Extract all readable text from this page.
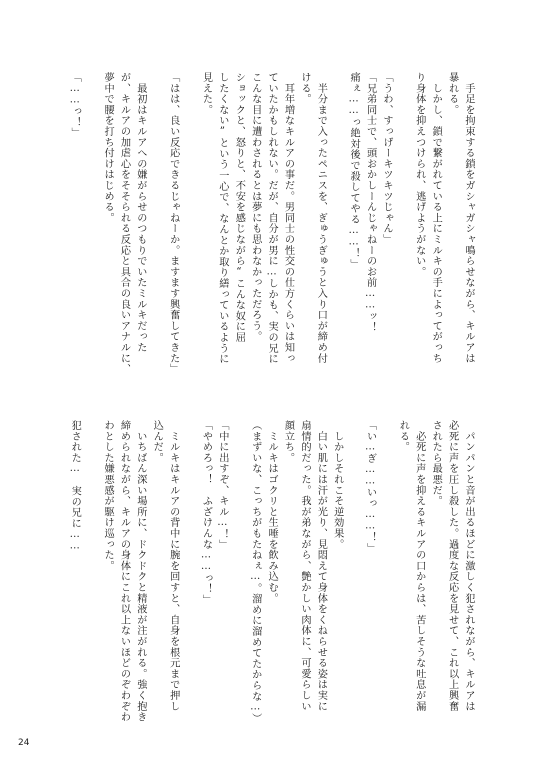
　手足を拘束する鎖をガシャガシャ鳴らせながら、キルアは
暴れる。
　しかし、鎖で繋がれている上にミルキの手によってがっち
り身体を抑えつけられ、逃げようがない。

「うわ、すっげーキツキツじゃん」
「兄弟同士で、頭おかしーんじゃねーのお前……ッ！
痛ぇ……っ絶対後で殺してやる……！」

　半分まで入ったペニスを、ぎゅうぎゅうと入り口が締め付
ける。
　耳年増なキルアの事だ。男同士の性交の仕方くらいは知っ
ていたかもしれない。だが、自分が男に…しかも、実の兄に
こんな目に遭わされるとは夢にも思わなかっただろう。
ショックと、怒りと、不安を感じながら“こんな奴に屈
したくない”という一心で、なんとか取り繕っているように
見えた。

「はは、良い反応できるじゃねーか。ますます興奮してきた」

　最初はキルアへの嫌がらせのつもりでいたミルキだった
が、キルアの加虐心をそそられる反応と具合の良いアナルに、
夢中で腰を打ち付けはじめる。

「……っ！」
　パンパンと音が出るほどに激しく犯されながら、キルアは
必死に声を圧し殺した。過度な反応を見せて、これ以上興奮
されたら最悪だ。
　必死に声を抑えるキルアの口からは、苦しそうな吐息が漏
れる。

「い…ぎ……いっ……！」

　しかしそれこそ逆効果。
　白い肌には汗が光り、見悶えて身体をくねらせる姿は実に
扇情的だった。我が弟ながら、艶かしい肉体に、可愛らしい
顔立ち。
　ミルキはゴクリと生唾を飲み込む。
（まずいな、こっちがもたねぇ…。溜めに溜めてたからな…）

「中に出すぞ、キル…！」
「やめろっ！　ふざけんな……っ！」

　ミルキはキルアの背中に腕を回すと、自身を根元まで押し
込んだ。
　いちばん深い場所に、ドクドクと精液が注がれる。強く抱き
締められながら、キルアの身体にこれ以上ないほどのぞわぞわ
わとした嫌悪感が駆け巡った。

犯された…　実の兄に……
24
